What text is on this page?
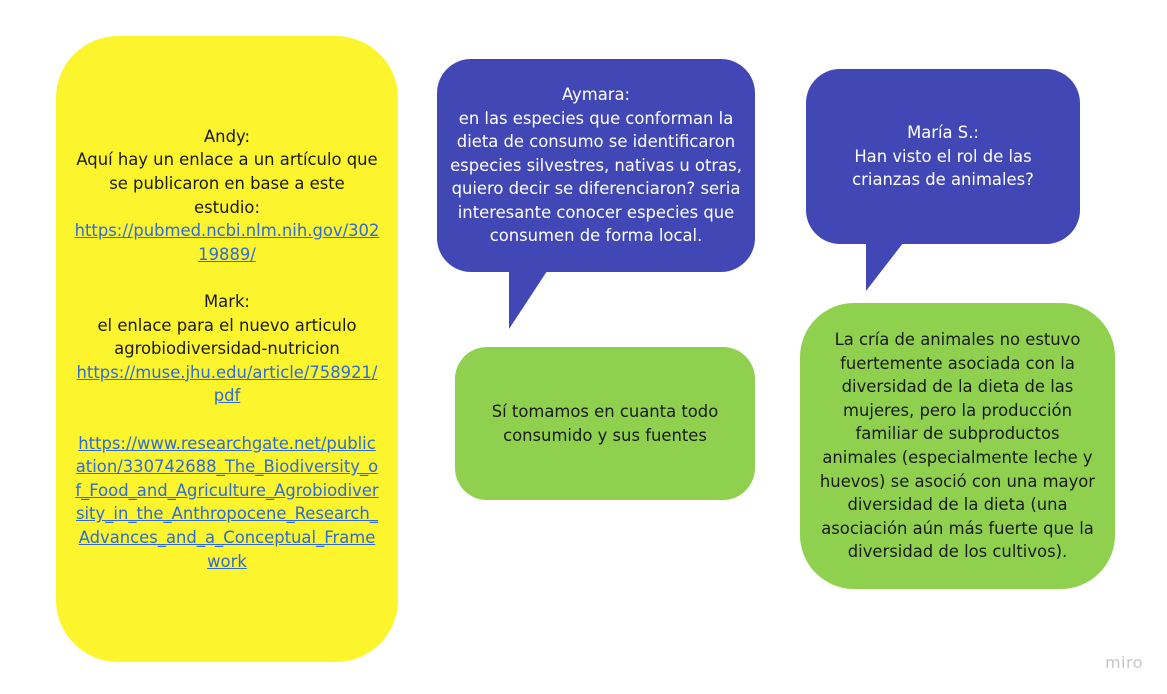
Andy:

Aquí hay un enlace a un artículo que se publicaron en base a este estudio:

https://pubmed.ncbi.nlm.nih.gov/30219889/

Mark:

el enlace para el nuevo articulo agrobiodiversidad-nutricion

https://muse.jhu.edu/article/758921/pdf

https://www.researchgate.net/publication/330742688_The_Biodiversity_of_Food_and_Agriculture_Agrobiodiversity_in_the_Anthropocene_Research_Advances_and_a_Conceptual_Framework

Aymara:

en las especies que conforman la dieta de consumo se identificaron especies silvestres, nativas u otras, quiero decir se diferenciaron? seria interesante conocer especies que consumen de forma local.

María S.:

Han visto el rol de las crianzas de animales?

Sí tomamos en cuanta todo consumido y sus fuentes

La cría de animales no estuvo fuertemente asociada con la diversidad de la dieta de las mujeres, pero la producción familiar de subproductos animales (especialmente leche y huevos) se asoció con una mayor diversidad de la dieta (una asociación aún más fuerte que la diversidad de los cultivos).

miro
